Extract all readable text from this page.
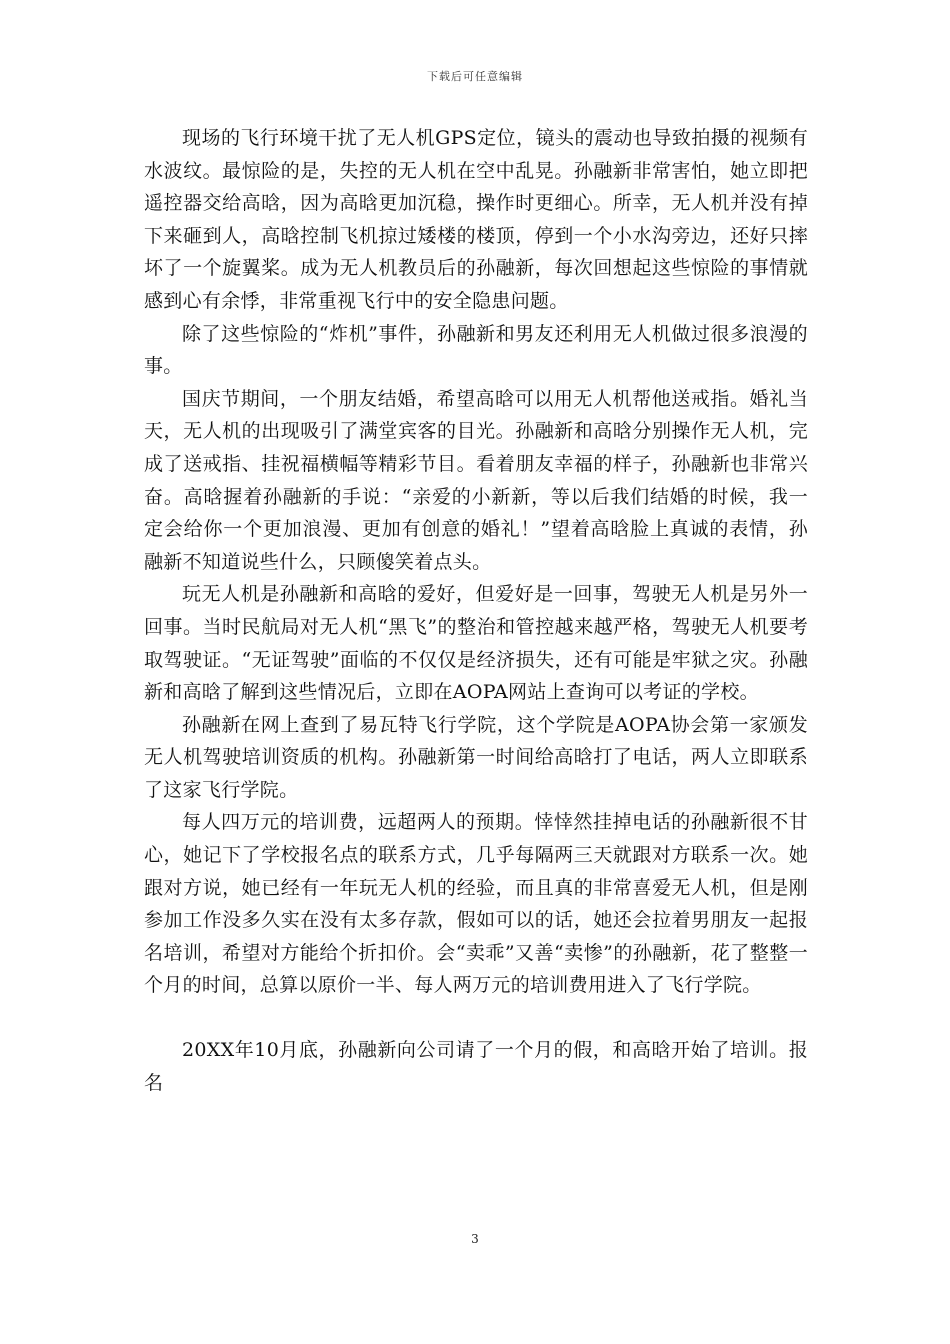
下载后可任意编辑

现场的飞行环境干扰了无人机GPS定位，镜头的震动也导致拍摄的视频有水波纹。最惊险的是，失控的无人机在空中乱晃。孙融新非常害怕，她立即把遥控器交给高晗，因为高晗更加沉稳，操作时更细心。所幸，无人机并没有掉下来砸到人，高晗控制飞机掠过矮楼的楼顶，停到一个小水沟旁边，还好只摔坏了一个旋翼桨。成为无人机教员后的孙融新，每次回想起这些惊险的事情就感到心有余悸，非常重视飞行中的安全隐患问题。

除了这些惊险的“炸机”事件，孙融新和男友还利用无人机做过很多浪漫的事。

国庆节期间，一个朋友结婚，希望高晗可以用无人机帮他送戒指。婚礼当天，无人机的出现吸引了满堂宾客的目光。孙融新和高晗分别操作无人机，完成了送戒指、挂祝福横幅等精彩节目。看着朋友幸福的样子，孙融新也非常兴奋。高晗握着孙融新的手说：“亲爱的小新新，等以后我们结婚的时候，我一定会给你一个更加浪漫、更加有创意的婚礼！”望着高晗脸上真诚的表情，孙融新不知道说些什么，只顾傻笑着点头。

玩无人机是孙融新和高晗的爱好，但爱好是一回事，驾驶无人机是另外一回事。当时民航局对无人机“黑飞”的整治和管控越来越严格，驾驶无人机要考取驾驶证。“无证驾驶”面临的不仅仅是经济损失，还有可能是牢狱之灾。孙融新和高晗了解到这些情况后，立即在AOPA网站上查询可以考证的学校。

孙融新在网上查到了易瓦特飞行学院，这个学院是AOPA协会第一家颁发无人机驾驶培训资质的机构。孙融新第一时间给高晗打了电话，两人立即联系了这家飞行学院。

每人四万元的培训费，远超两人的预期。悻悻然挂掉电话的孙融新很不甘心，她记下了学校报名点的联系方式，几乎每隔两三天就跟对方联系一次。她跟对方说，她已经有一年玩无人机的经验，而且真的非常喜爱无人机，但是刚参加工作没多久实在没有太多存款，假如可以的话，她还会拉着男朋友一起报名培训，希望对方能给个折扣价。会“卖乖”又善“卖惨”的孙融新，花了整整一个月的时间，总算以原价一半、每人两万元的培训费用进入了飞行学院。

20XX年10月底，孙融新向公司请了一个月的假，和高晗开始了培训。报名

3
